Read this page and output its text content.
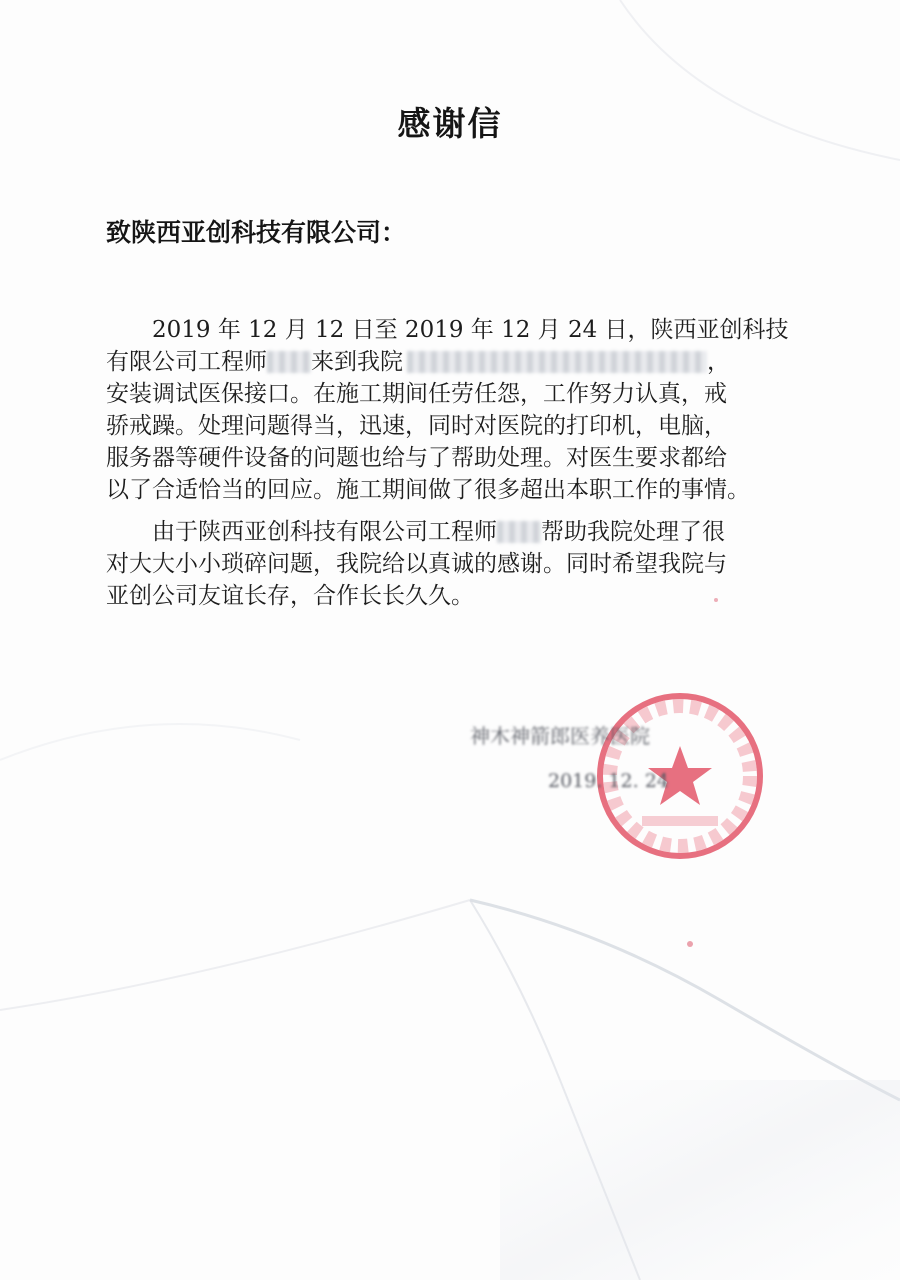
感谢信
致陕西亚创科技有限公司：
2019 年 12 月 12 日至 2019 年 12 月 24 日，陕西亚创科技
有限公司工程师 来到我院	，
安装调试医保接口。在施工期间任劳任怨，工作努力认真，戒
骄戒躁。处理问题得当，迅速，同时对医院的打印机，电脑，
服务器等硬件设备的问题也给与了帮助处理。对医生要求都给
以了合适恰当的回应。施工期间做了很多超出本职工作的事情。
由于陕西亚创科技有限公司工程师 帮助我院处理了很
对大大小小琐碎问题，我院给以真诚的感谢。同时希望我院与
亚创公司友谊长存，合作长长久久。
神木神箭郎医养医院
2019. 12. 24
